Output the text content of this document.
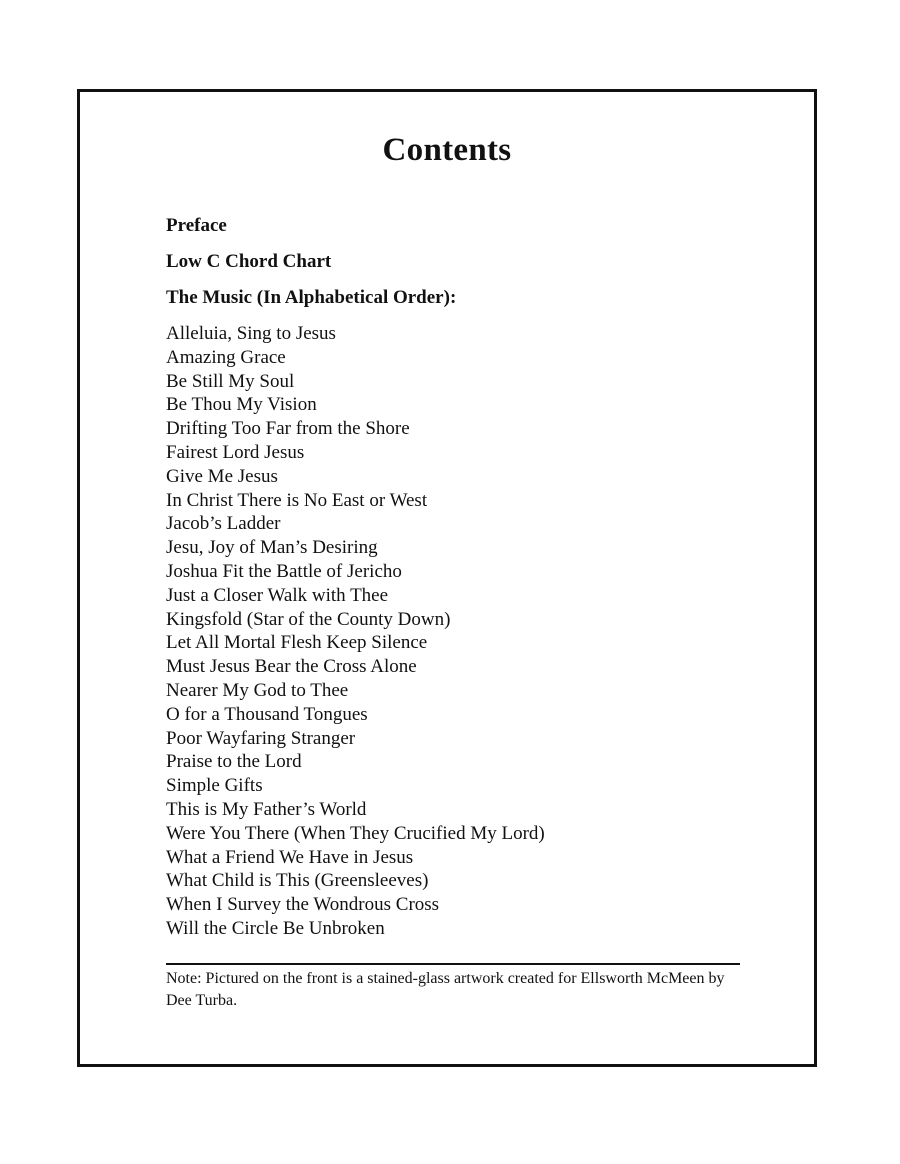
Contents

Preface

Low C Chord Chart

The Music (In Alphabetical Order):

Alleluia, Sing to Jesus
Amazing Grace
Be Still My Soul
Be Thou My Vision
Drifting Too Far from the Shore
Fairest Lord Jesus
Give Me Jesus
In Christ There is No East or West
Jacob’s Ladder
Jesu, Joy of Man’s Desiring
Joshua Fit the Battle of Jericho
Just a Closer Walk with Thee
Kingsfold (Star of the County Down)
Let All Mortal Flesh Keep Silence
Must Jesus Bear the Cross Alone
Nearer My God to Thee
O for a Thousand Tongues
Poor Wayfaring Stranger
Praise to the Lord
Simple Gifts
This is My Father’s World
Were You There (When They Crucified My Lord)
What a Friend We Have in Jesus
What Child is This (Greensleeves)
When I Survey the Wondrous Cross
Will the Circle Be Unbroken

Note: Pictured on the front is a stained-glass artwork created for Ellsworth McMeen by Dee Turba.
